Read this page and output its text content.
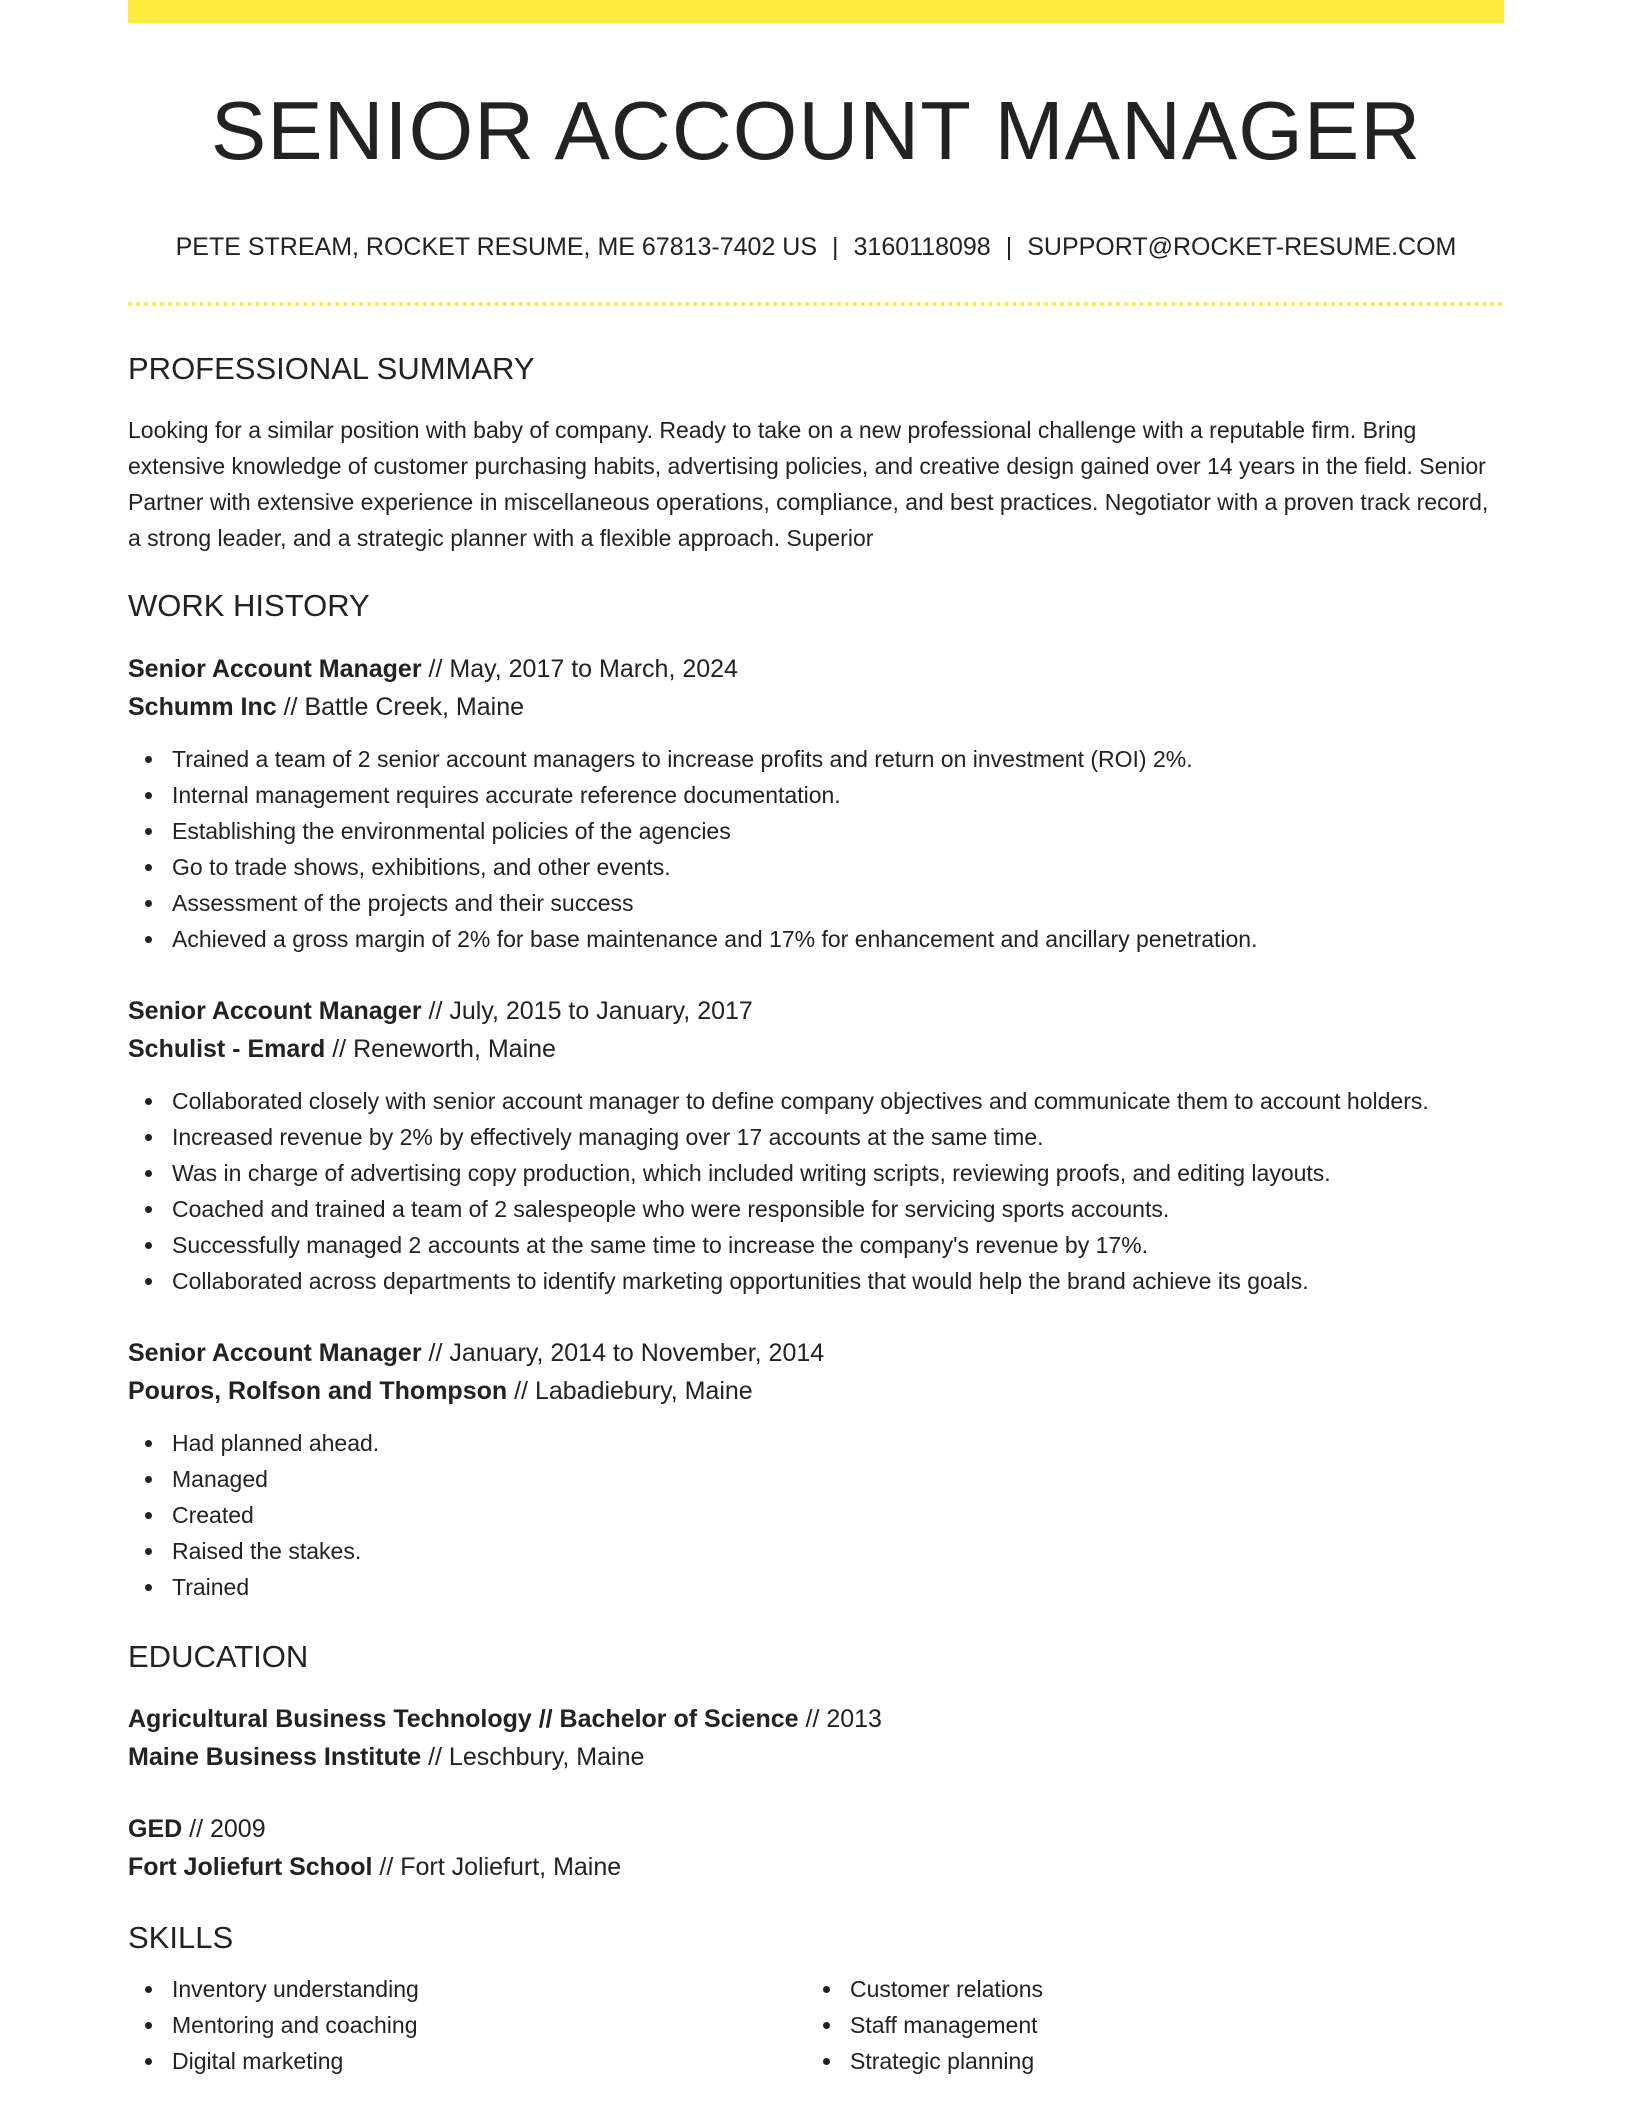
SENIOR ACCOUNT MANAGER
PETE STREAM, ROCKET RESUME, ME 67813-7402 US | 3160118098 | SUPPORT@ROCKET-RESUME.COM
PROFESSIONAL SUMMARY

Looking for a similar position with baby of company. Ready to take on a new professional challenge with a reputable firm. Bring extensive knowledge of customer purchasing habits, advertising policies, and creative design gained over 14 years in the field. Senior Partner with extensive experience in miscellaneous operations, compliance, and best practices. Negotiator with a proven track record, a strong leader, and a strategic planner with a flexible approach. Superior

WORK HISTORY
Senior Account Manager // May, 2017 to March, 2024
Schumm Inc // Battle Creek, Maine
Trained a team of 2 senior account managers to increase profits and return on investment (ROI) 2%.
Internal management requires accurate reference documentation.
Establishing the environmental policies of the agencies
Go to trade shows, exhibitions, and other events.
Assessment of the projects and their success
Achieved a gross margin of 2% for base maintenance and 17% for enhancement and ancillary penetration.
Senior Account Manager // July, 2015 to January, 2017
Schulist - Emard // Reneworth, Maine
Collaborated closely with senior account manager to define company objectives and communicate them to account holders.
Increased revenue by 2% by effectively managing over 17 accounts at the same time.
Was in charge of advertising copy production, which included writing scripts, reviewing proofs, and editing layouts.
Coached and trained a team of 2 salespeople who were responsible for servicing sports accounts.
Successfully managed 2 accounts at the same time to increase the company's revenue by 17%.
Collaborated across departments to identify marketing opportunities that would help the brand achieve its goals.
Senior Account Manager // January, 2014 to November, 2014
Pouros, Rolfson and Thompson // Labadiebury, Maine
Had planned ahead.
Managed
Created
Raised the stakes.
Trained
EDUCATION
Agricultural Business Technology // Bachelor of Science // 2013
Maine Business Institute // Leschbury, Maine
GED // 2009
Fort Joliefurt School // Fort Joliefurt, Maine
SKILLS
Inventory understanding
Mentoring and coaching
Digital marketing
Customer relations
Staff management
Strategic planning
